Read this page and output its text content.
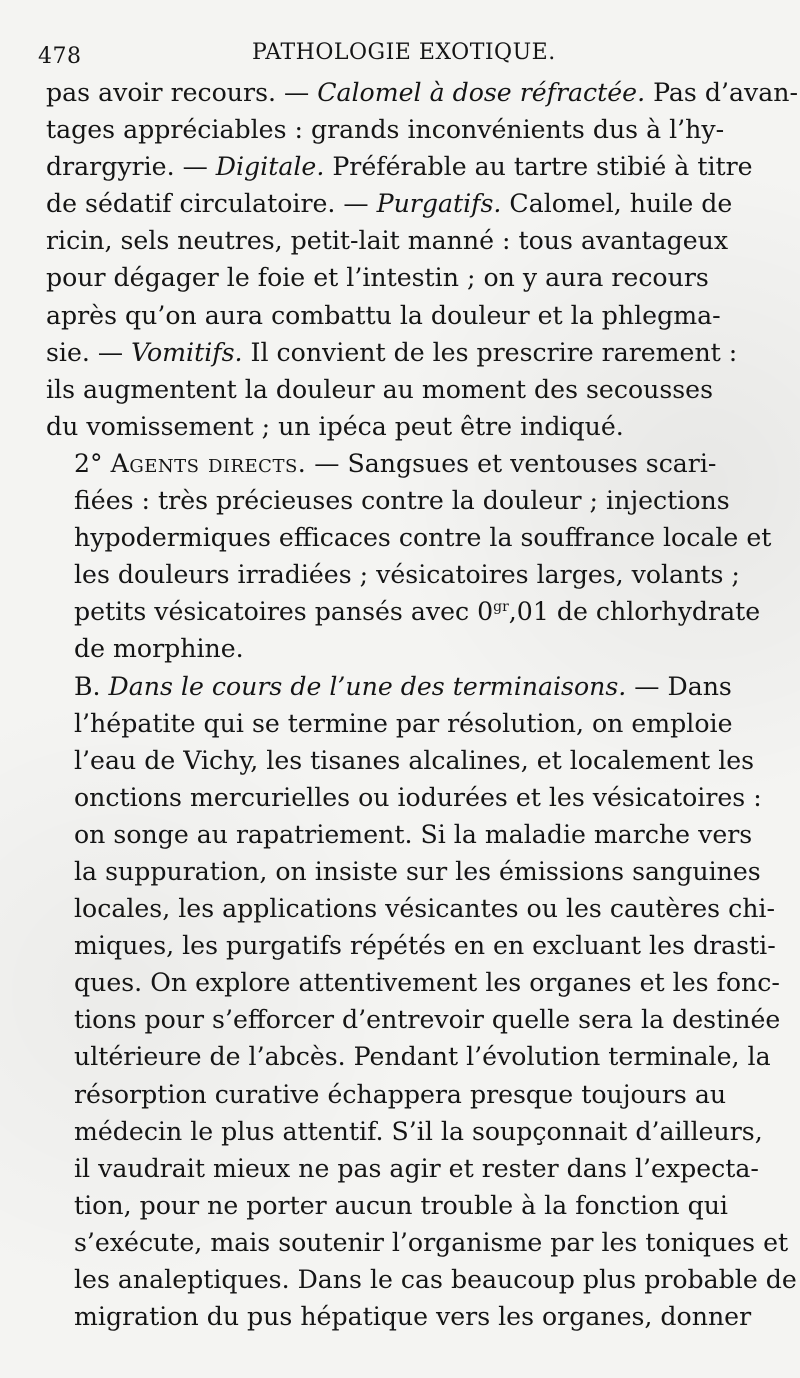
478	PATHOLOGIE EXOTIQUE.

pas avoir recours. — Calomel à dose réfractée. Pas d’avan-
tages appréciables : grands inconvénients dus à l’hy-
drargyrie. — Digitale. Préférable au tartre stibié à titre
de sédatif circulatoire. — Purgatifs. Calomel, huile de
ricin, sels neutres, petit-lait manné : tous avantageux
pour dégager le foie et l’intestin ; on y aura recours
après qu’on aura combattu la douleur et la phlegma-
sie. — Vomitifs. Il convient de les prescrire rarement :
ils augmentent la douleur au moment des secousses
du vomissement ; un ipéca peut être indiqué.

2° Agents directs. — Sangsues et ventouses scari-
fiées : très précieuses contre la douleur ; injections
hypodermiques efficaces contre la souffrance locale et
les douleurs irradiées ; vésicatoires larges, volants ;
petits vésicatoires pansés avec $0^{gr},01$ de chlorhydrate
de morphine.

B. Dans le cours de l’une des terminaisons. — Dans
l’hépatite qui se termine par résolution, on emploie
l’eau de Vichy, les tisanes alcalines, et localement les
onctions mercurielles ou iodurées et les vésicatoires :
on songe au rapatriement. Si la maladie marche vers
la suppuration, on insiste sur les émissions sanguines
locales, les applications vésicantes ou les cautères chi-
miques, les purgatifs répétés en en excluant les drasti-
ques. On explore attentivement les organes et les fonc-
tions pour s’efforcer d’entrevoir quelle sera la destinée
ultérieure de l’abcès. Pendant l’évolution terminale, la
résorption curative échappera presque toujours au
médecin le plus attentif. S’il la soupçonnait d’ailleurs,
il vaudrait mieux ne pas agir et rester dans l’expecta-
tion, pour ne porter aucun trouble à la fonction qui
s’exécute, mais soutenir l’organisme par les toniques et
les analeptiques. Dans le cas beaucoup plus probable de
migration du pus hépatique vers les organes, donner
